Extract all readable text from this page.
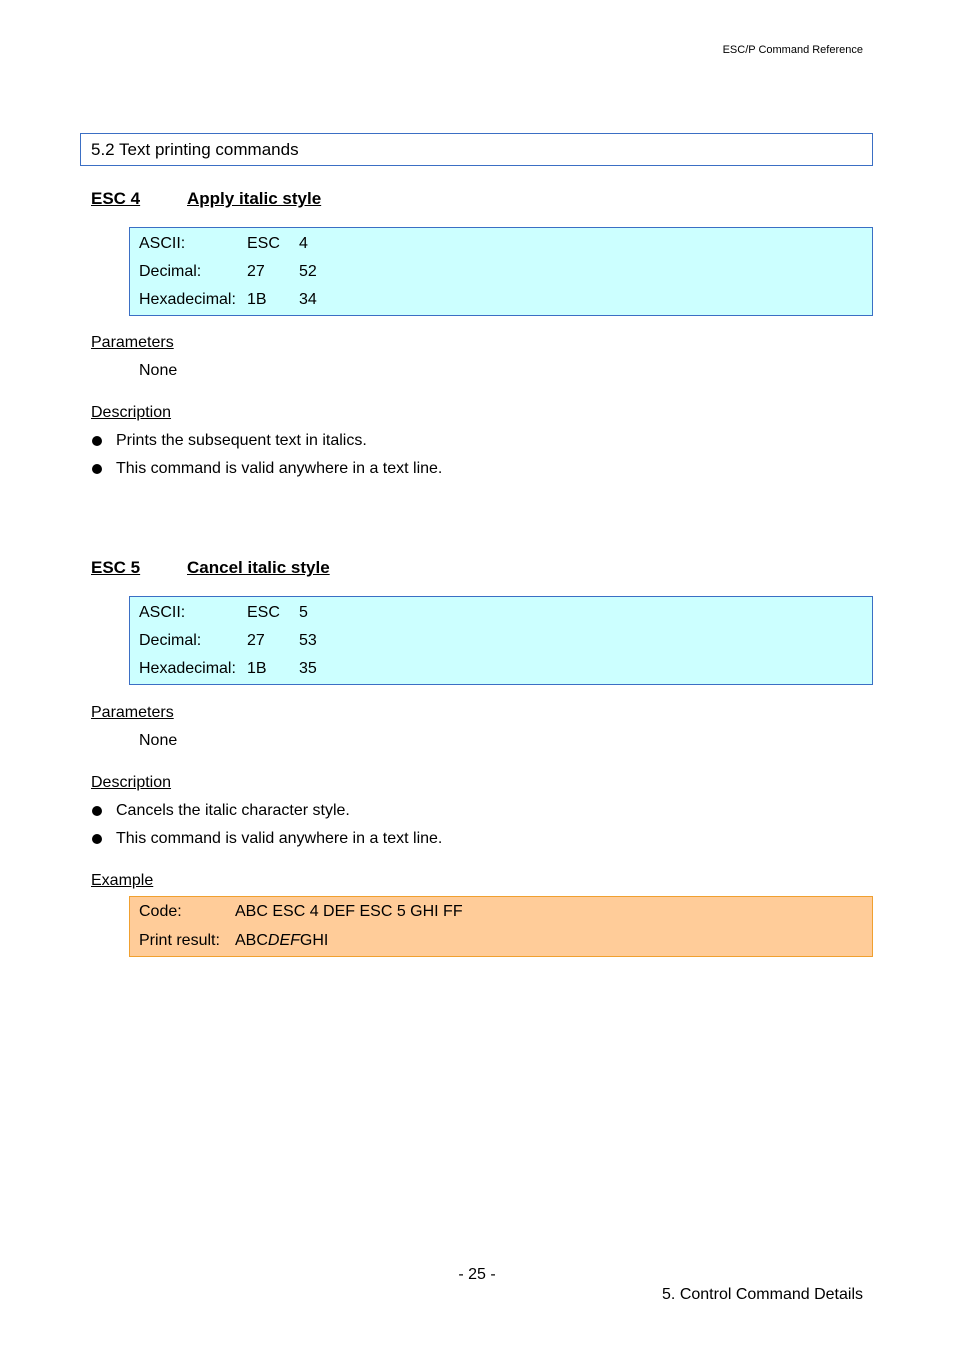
ESC/P Command Reference
5.2 Text printing commands
ESC 4	Apply italic style
ASCII:	ESC 4
Decimal:	27 52
Hexadecimal: 1B 34
Parameters
None
Description
Prints the subsequent text in italics.
This command is valid anywhere in a text line.
ESC 5	Cancel italic style
ASCII:	ESC 5
Decimal:	27 53
Hexadecimal: 1B 35
Parameters
None
Description
Cancels the italic character style.
This command is valid anywhere in a text line.
Example
Code:	ABC ESC 4 DEF ESC 5 GHI FF
Print result: ABCDEFGHI
- 25 -
5. Control Command Details
